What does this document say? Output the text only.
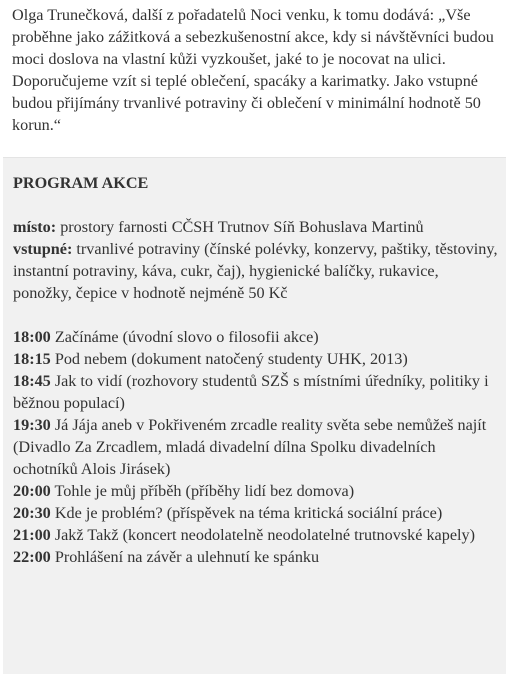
Olga Trunečková, další z pořadatelů Noci venku, k tomu dodává: „Vše proběhne jako zážitková a sebezkušenostní akce, kdy si návštěvníci budou moci doslova na vlastní kůži vyzkoušet, jaké to je nocovat na ulici. Doporučujeme vzít si teplé oblečení, spacáky a karimatky. Jako vstupné budou přijímány trvanlivé potraviny či oblečení v minimální hodnotě 50 korun.“

PROGRAM AKCE

místo: prostory farnosti CČSH Trutnov Síň Bohuslava Martinů

vstupné: trvanlivé potraviny (čínské polévky, konzervy, paštiky, těstoviny, instantní potraviny, káva, cukr, čaj), hygienické balíčky, rukavice, ponožky, čepice v hodnotě nejméně 50 Kč

18:00 Začínáme (úvodní slovo o filosofii akce)

18:15 Pod nebem (dokument natočený studenty UHK, 2013)

18:45 Jak to vidí (rozhovory studentů SZŠ s místními úředníky, politiky i běžnou populací)

19:30 Já Jája aneb v Pokřiveném zrcadle reality světa sebe nemůžeš najít (Divadlo Za Zrcadlem, mladá divadelní dílna Spolku divadelních ochotníků Alois Jirásek)

20:00 Tohle je můj příběh (příběhy lidí bez domova)

20:30 Kde je problém? (příspěvek na téma kritická sociální práce)

21:00 Jakž Takž (koncert neodolatelně neodolatelné trutnovské kapely)

22:00 Prohlášení na závěr a ulehnutí ke spánku
